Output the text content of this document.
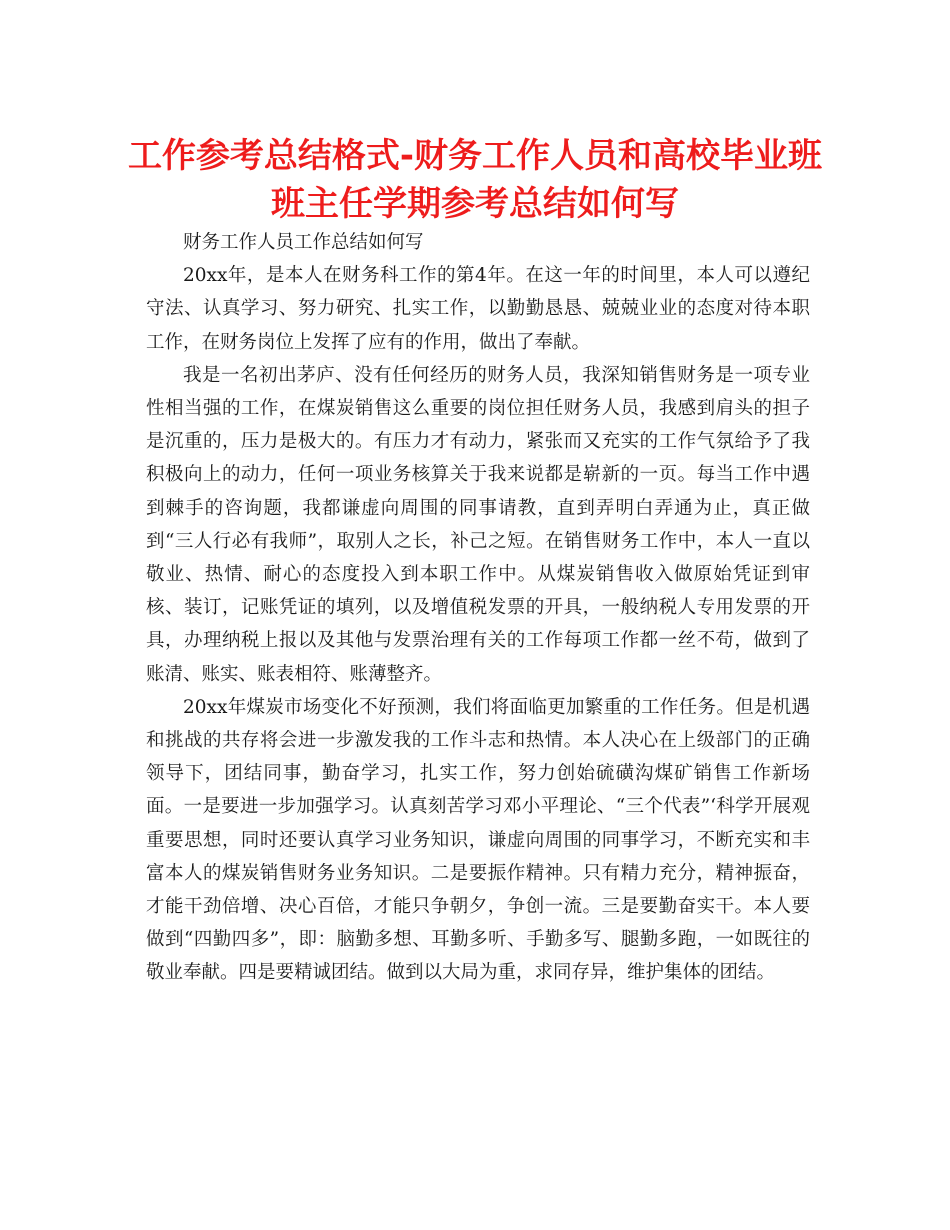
工作参考总结格式-财务工作人员和高校毕业班班主任学期参考总结如何写

财务工作人员工作总结如何写

20xx年，是本人在财务科工作的第4年。在这一年的时间里，本人可以遵纪守法、认真学习、努力研究、扎实工作，以勤勤恳恳、兢兢业业的态度对待本职工作，在财务岗位上发挥了应有的作用，做出了奉献。

我是一名初出茅庐、没有任何经历的财务人员，我深知销售财务是一项专业性相当强的工作，在煤炭销售这么重要的岗位担任财务人员，我感到肩头的担子是沉重的，压力是极大的。有压力才有动力，紧张而又充实的工作气氛给予了我积极向上的动力，任何一项业务核算关于我来说都是崭新的一页。每当工作中遇到棘手的咨询题，我都谦虚向周围的同事请教，直到弄明白弄通为止，真正做到“三人行必有我师”，取别人之长，补己之短。在销售财务工作中，本人一直以敬业、热情、耐心的态度投入到本职工作中。从煤炭销售收入做原始凭证到审核、装订，记账凭证的填列，以及增值税发票的开具，一般纳税人专用发票的开具，办理纳税上报以及其他与发票治理有关的工作每项工作都一丝不苟，做到了账清、账实、账表相符、账薄整齐。

20xx年煤炭市场变化不好预测，我们将面临更加繁重的工作任务。但是机遇和挑战的共存将会进一步激发我的工作斗志和热情。本人决心在上级部门的正确领导下，团结同事，勤奋学习，扎实工作，努力创始硫磺沟煤矿销售工作新场面。一是要进一步加强学习。认真刻苦学习邓小平理论、“三个代表”‘科学开展观重要思想，同时还要认真学习业务知识，谦虚向周围的同事学习，不断充实和丰富本人的煤炭销售财务业务知识。二是要振作精神。只有精力充分，精神振奋，才能干劲倍增、决心百倍，才能只争朝夕，争创一流。三是要勤奋实干。本人要做到“四勤四多”，即：脑勤多想、耳勤多听、手勤多写、腿勤多跑，一如既往的敬业奉献。四是要精诚团结。做到以大局为重，求同存异，维护集体的团结。
